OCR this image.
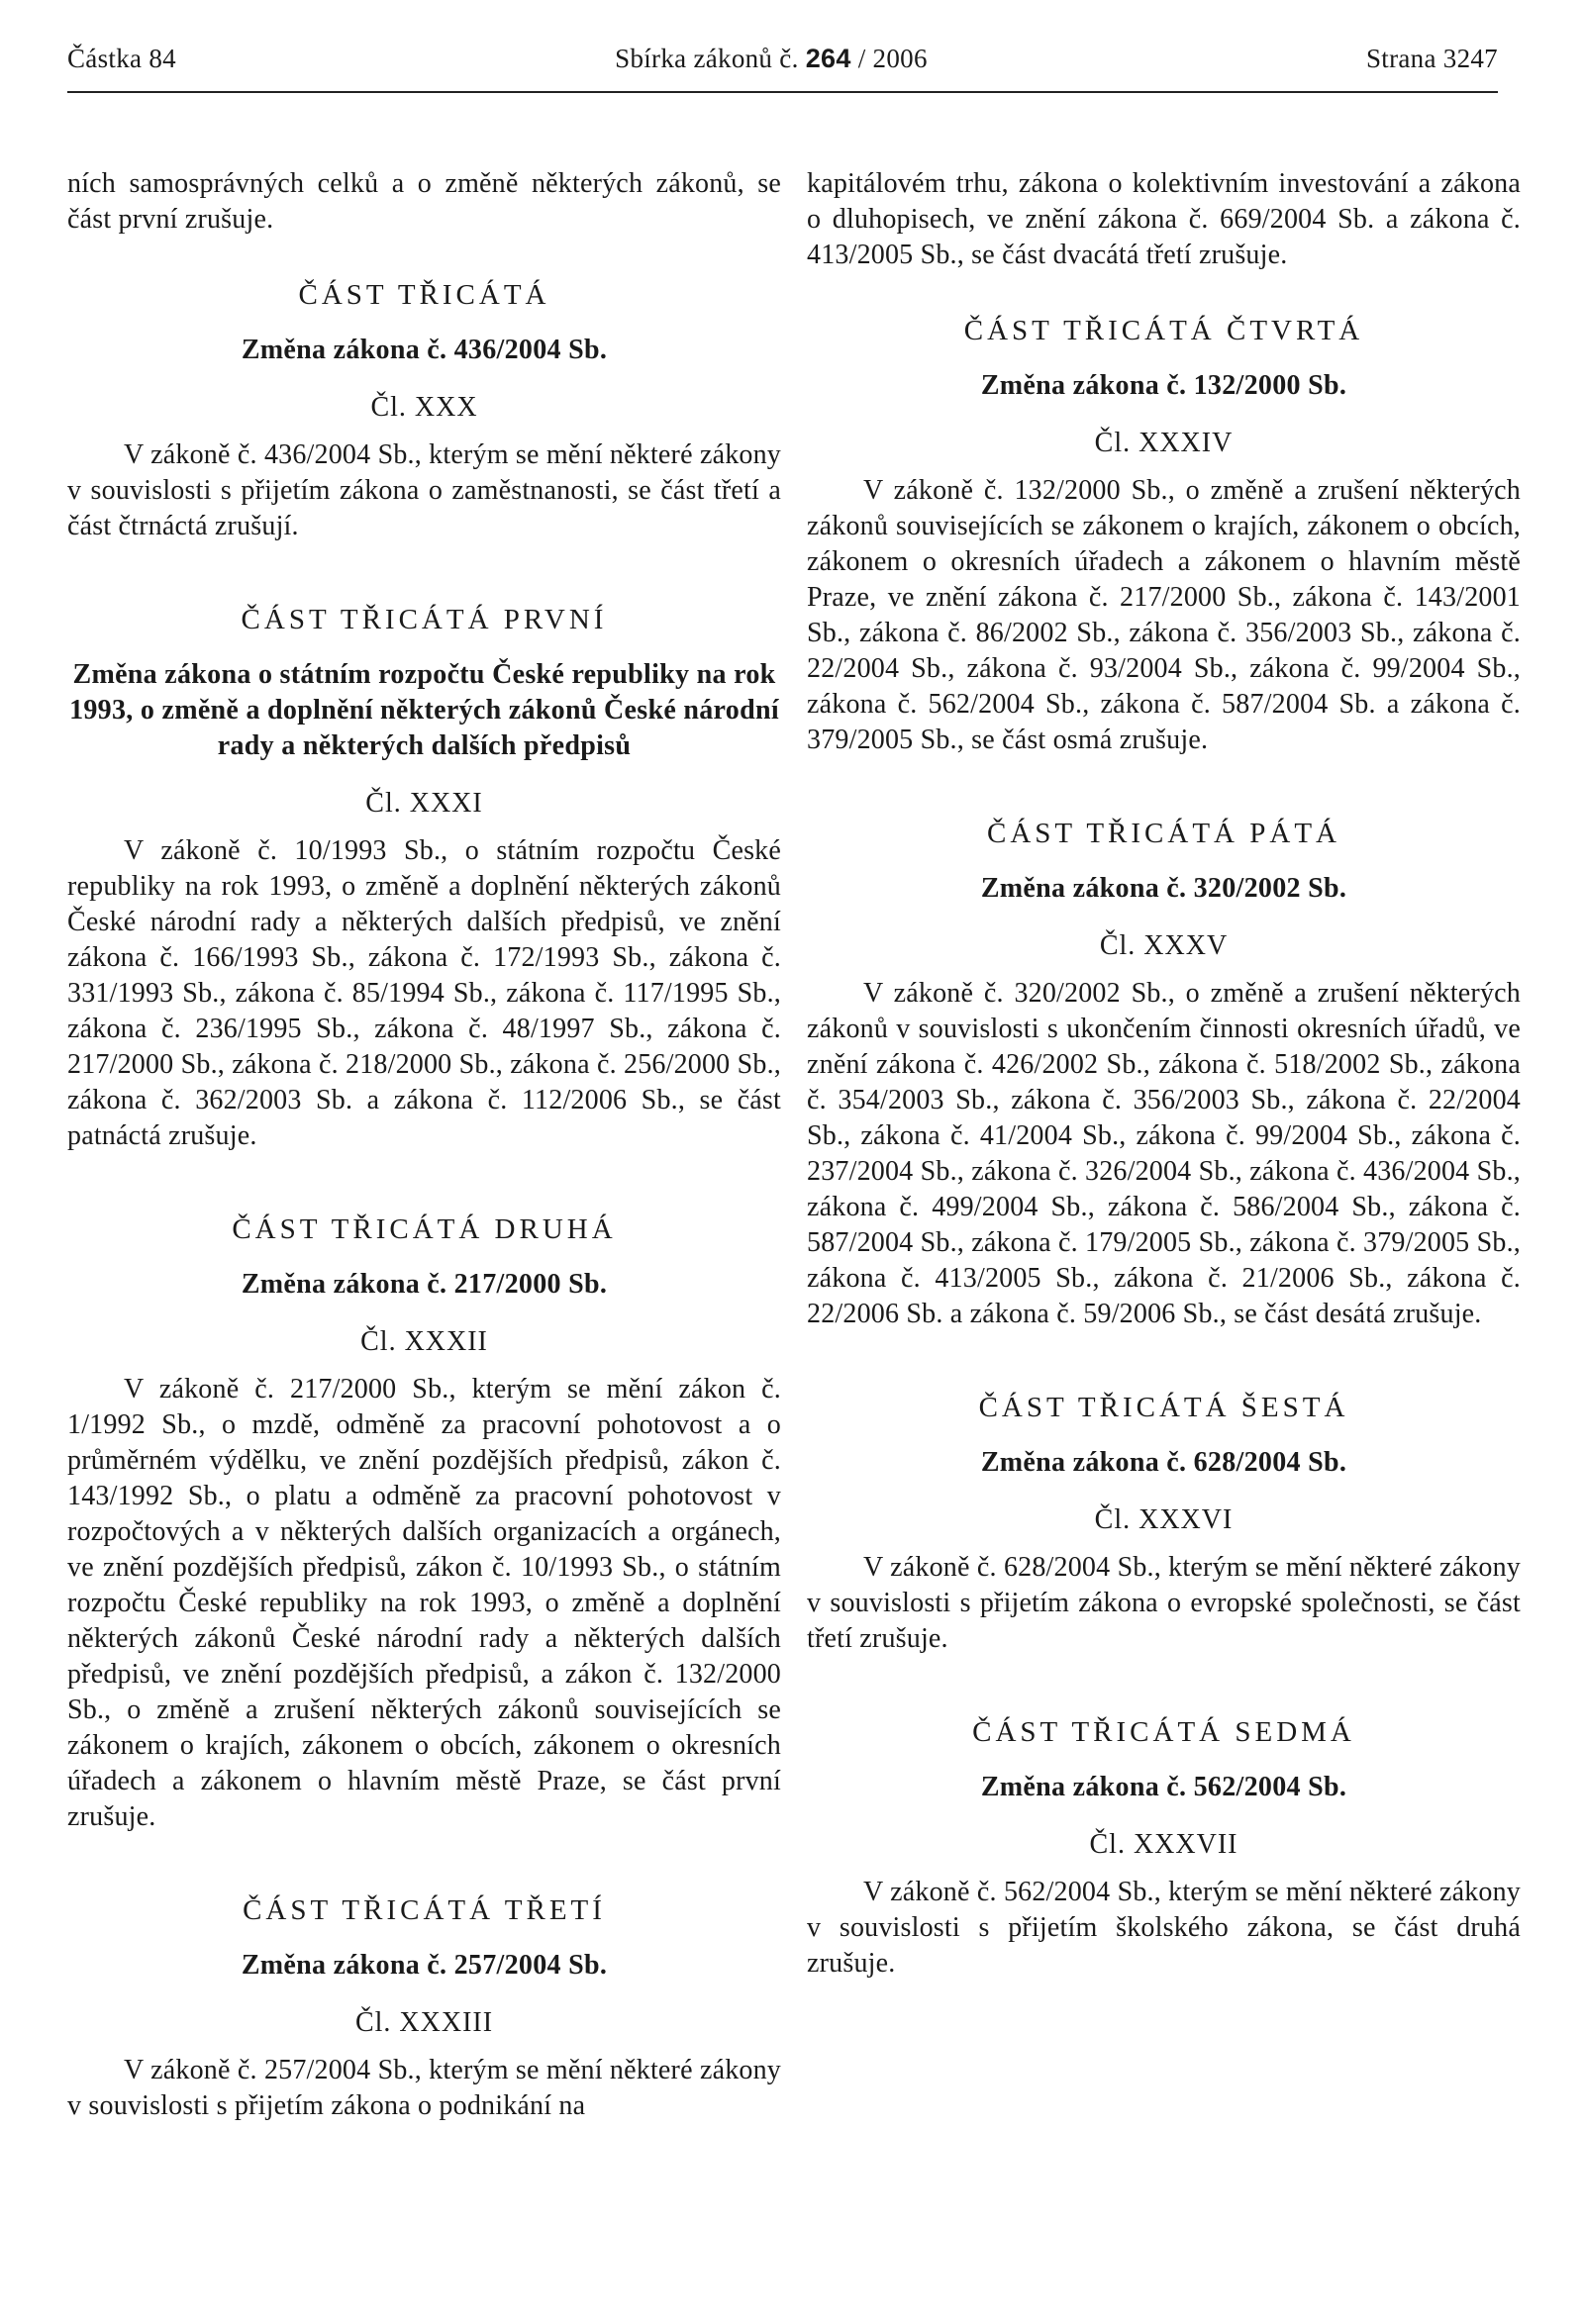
Částka 84	Sbírka zákonů č. 264 / 2006	Strana 3247

ních samosprávných celků a o změně některých zákonů, se část první zrušuje.

ČÁST TŘICÁTÁ
Změna zákona č. 436/2004 Sb.
Čl. XXX

V zákoně č. 436/2004 Sb., kterým se mění některé zákony v souvislosti s přijetím zákona o zaměstnanosti, se část třetí a část čtrnáctá zrušují.

ČÁST TŘICÁTÁ PRVNÍ
Změna zákona o státním rozpočtu České republiky na rok 1993, o změně a doplnění některých zákonů České národní rady a některých dalších předpisů
Čl. XXXI

V zákoně č. 10/1993 Sb., o státním rozpočtu České republiky na rok 1993, o změně a doplnění některých zákonů České národní rady a některých dalších předpisů, ve znění zákona č. 166/1993 Sb., zákona č. 172/1993 Sb., zákona č. 331/1993 Sb., zákona č. 85/1994 Sb., zákona č. 117/1995 Sb., zákona č. 236/1995 Sb., zákona č. 48/1997 Sb., zákona č. 217/2000 Sb., zákona č. 218/2000 Sb., zákona č. 256/2000 Sb., zákona č. 362/2003 Sb. a zákona č. 112/2006 Sb., se část patnáctá zrušuje.

ČÁST TŘICÁTÁ DRUHÁ
Změna zákona č. 217/2000 Sb.
Čl. XXXII

V zákoně č. 217/2000 Sb., kterým se mění zákon č. 1/1992 Sb., o mzdě, odměně za pracovní pohotovost a o průměrném výdělku, ve znění pozdějších předpisů, zákon č. 143/1992 Sb., o platu a odměně za pracovní pohotovost v rozpočtových a v některých dalších organizacích a orgánech, ve znění pozdějších předpisů, zákon č. 10/1993 Sb., o státním rozpočtu České republiky na rok 1993, o změně a doplnění některých zákonů České národní rady a některých dalších předpisů, ve znění pozdějších předpisů, a zákon č. 132/2000 Sb., o změně a zrušení některých zákonů souvisejících se zákonem o krajích, zákonem o obcích, zákonem o okresních úřadech a zákonem o hlavním městě Praze, se část první zrušuje.

ČÁST TŘICÁTÁ TŘETÍ
Změna zákona č. 257/2004 Sb.
Čl. XXXIII

V zákoně č. 257/2004 Sb., kterým se mění některé zákony v souvislosti s přijetím zákona o podnikání na

kapitálovém trhu, zákona o kolektivním investování a zákona o dluhopisech, ve znění zákona č. 669/2004 Sb. a zákona č. 413/2005 Sb., se část dvacátá třetí zrušuje.

ČÁST TŘICÁTÁ ČTVRTÁ
Změna zákona č. 132/2000 Sb.
Čl. XXXIV

V zákoně č. 132/2000 Sb., o změně a zrušení některých zákonů souvisejících se zákonem o krajích, zákonem o obcích, zákonem o okresních úřadech a zákonem o hlavním městě Praze, ve znění zákona č. 217/2000 Sb., zákona č. 143/2001 Sb., zákona č. 86/2002 Sb., zákona č. 356/2003 Sb., zákona č. 22/2004 Sb., zákona č. 93/2004 Sb., zákona č. 99/2004 Sb., zákona č. 562/2004 Sb., zákona č. 587/2004 Sb. a zákona č. 379/2005 Sb., se část osmá zrušuje.

ČÁST TŘICÁTÁ PÁTÁ
Změna zákona č. 320/2002 Sb.
Čl. XXXV

V zákoně č. 320/2002 Sb., o změně a zrušení některých zákonů v souvislosti s ukončením činnosti okresních úřadů, ve znění zákona č. 426/2002 Sb., zákona č. 518/2002 Sb., zákona č. 354/2003 Sb., zákona č. 356/2003 Sb., zákona č. 22/2004 Sb., zákona č. 41/2004 Sb., zákona č. 99/2004 Sb., zákona č. 237/2004 Sb., zákona č. 326/2004 Sb., zákona č. 436/2004 Sb., zákona č. 499/2004 Sb., zákona č. 586/2004 Sb., zákona č. 587/2004 Sb., zákona č. 179/2005 Sb., zákona č. 379/2005 Sb., zákona č. 413/2005 Sb., zákona č. 21/2006 Sb., zákona č. 22/2006 Sb. a zákona č. 59/2006 Sb., se část desátá zrušuje.

ČÁST TŘICÁTÁ ŠESTÁ
Změna zákona č. 628/2004 Sb.
Čl. XXXVI

V zákoně č. 628/2004 Sb., kterým se mění některé zákony v souvislosti s přijetím zákona o evropské společnosti, se část třetí zrušuje.

ČÁST TŘICÁTÁ SEDMÁ
Změna zákona č. 562/2004 Sb.
Čl. XXXVII

V zákoně č. 562/2004 Sb., kterým se mění některé zákony v souvislosti s přijetím školského zákona, se část druhá zrušuje.
